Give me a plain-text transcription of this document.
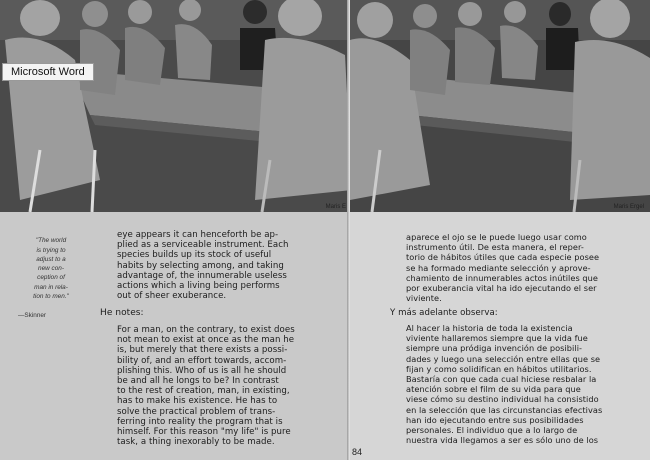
Microsoft Word
Maris E

"The world
is trying to
adjust to a
new con-
ception of
man in rela-
tion to men."

—Skinner

eye appears it can henceforth be ap-
plied as a serviceable instrument. Each
species builds up its stock of useful
habits by selecting among, and taking
advantage of, the innumerable useless
actions which a living being performs
out of sheer exuberance.
He notes:
For a man, on the contrary, to exist does
not mean to exist at once as the man he
is, but merely that there exists a possi-
bility of, and an effort towards, accom-
plishing this. Who of us is all he should
be and all he longs to be? In contrast
to the rest of creation, man, in existing,
has to make his existence. He has to
solve the practical problem of trans-
ferring into reality the program that is
himself. For this reason "my life" is pure
task, a thing inexorably to be made.
Maris Ergel
aparece el ojo se le puede luego usar como
instrumento útil. De esta manera, el reper-
torio de hábitos útiles que cada especie posee
se ha formado mediante selección y aprove-
chamiento de innumerables actos inútiles que
por exuberancia vital ha ido ejecutando el ser
viviente.
Y más adelante observa:
Al hacer la historia de toda la existencia
viviente hallaremos siempre que la vida fue
siempre una pródiga invención de posibili-
dades y luego una selección entre ellas que se
fijan y como solidifican en hábitos utilitarios.
Bastaría con que cada cual hiciese resbalar la
atención sobre el film de su vida para que
viese cómo su destino individual ha consistido
en la selección que las circunstancias efectivas
han ido ejecutando entre sus posibilidades
personales. El individuo que a lo largo de
nuestra vida llegamos a ser es sólo uno de los
84
